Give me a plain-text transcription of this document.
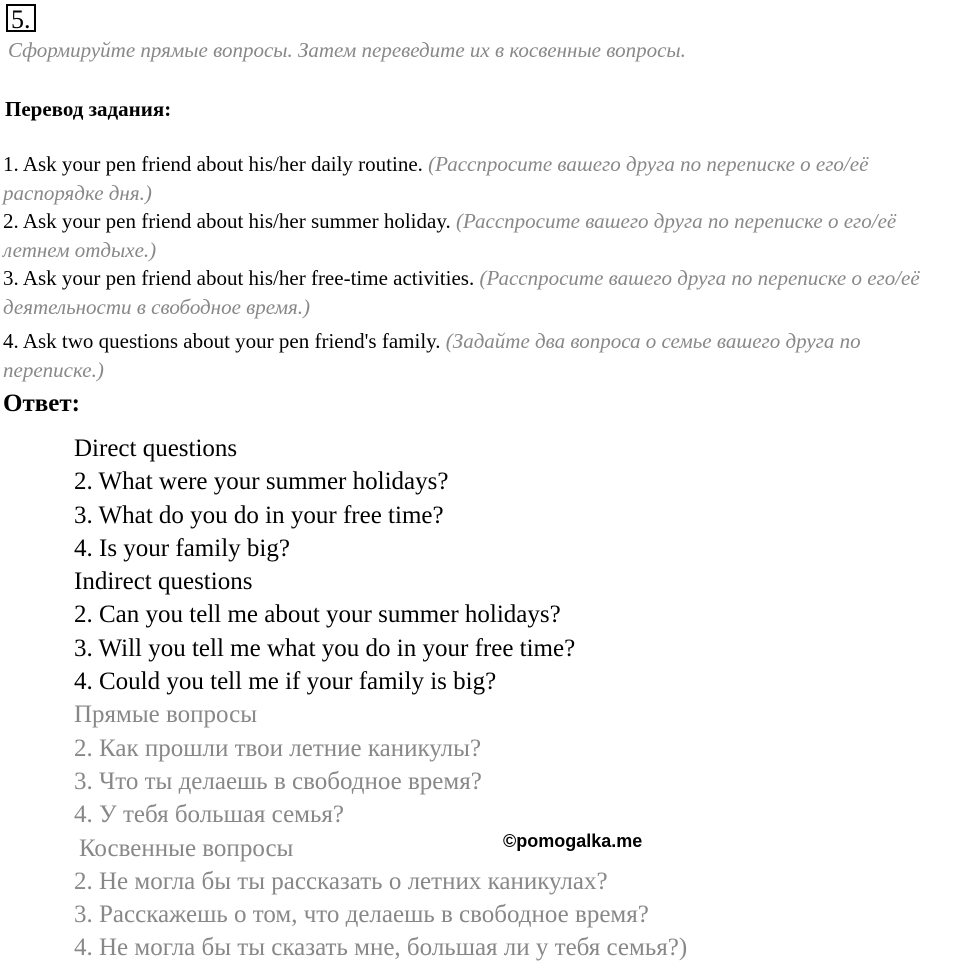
5.
Сформируйте прямые вопросы. Затем переведите их в косвенные вопросы.
Перевод задания:
1. Ask your pen friend about his/her daily routine. (Расспросите вашего друга по переписке о его/её распорядке дня.)
2. Ask your pen friend about his/her summer holiday. (Расспросите вашего друга по переписке о его/её летнем отдыхе.)
3. Ask your pen friend about his/her free-time activities. (Расспросите вашего друга по переписке о его/её деятельности в свободное время.)
4. Ask two questions about your pen friend's family. (Задайте два вопроса о семье вашего друга по переписке.)
Ответ:
Direct questions
2. What were your summer holidays?
3. What do you do in your free time?
4. Is your family big?
Indirect questions
2. Can you tell me about your summer holidays?
3. Will you tell me what you do in your free time?
4. Could you tell me if your family is big?
Прямые вопросы
2. Как прошли твои летние каникулы?
3. Что ты делаешь в свободное время?
4. У тебя большая семья?
Косвенные вопросы
2. Не могла бы ты рассказать о летних каникулах?
3. Расскажешь о том, что делаешь в свободное время?
4. Не могла бы ты сказать мне, большая ли у тебя семья?)
©pomogalka.me
